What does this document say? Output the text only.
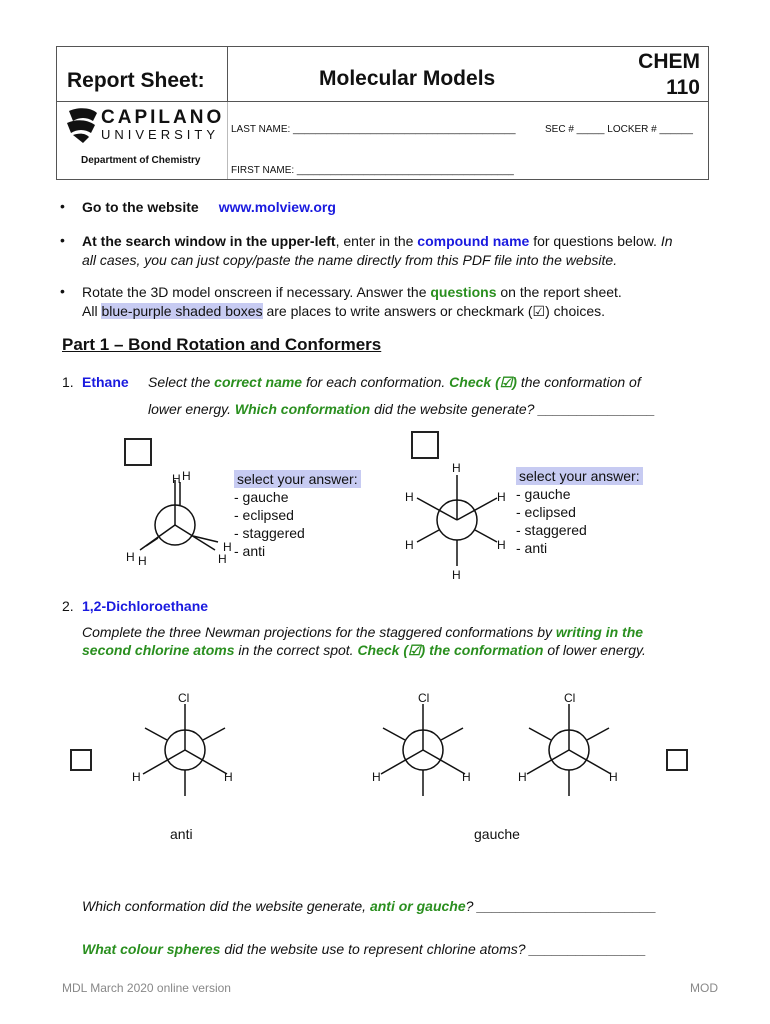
Report Sheet:	Molecular Models
CHEM
110
CAPILANO
UNIVERSITY
Department of Chemistry
LAST NAME: ________________________________________	SEC # _____ LOCKER # ______
FIRST NAME: _______________________________________
• Go to the website www.molview.org
• At the search window in the upper-left, enter in the compound name for questions below. In
all cases, you can just copy/paste the name directly from this PDF file into the website.
• Rotate the 3D model onscreen if necessary. Answer the questions on the report sheet.
All blue-purple shaded boxes are places to write answers or checkmark (☑) choices.
Part 1 – Bond Rotation and Conformers
1. Ethane Select the correct name for each conformation. Check (☑) the conformation of
lower energy. Which conformation did the website generate? _______________
H H
H H
H
H
select your answer:
- gauche
- eclipsed
- staggered
- anti
H
H	H
H	H
H
select your answer:
- gauche
- eclipsed
- staggered
- anti
2. 1,2-Dichloroethane
Complete the three Newman projections for the staggered conformations by writing in the
second chlorine atoms in the correct spot. Check (☑) the conformation of lower energy.
Cl
H	H
Cl
H	H
Cl
H	H
anti	gauche
Which conformation did the website generate, anti or gauche? _______________________
What colour spheres did the website use to represent chlorine atoms? _______________
MDL March 2020 online version	MOD
